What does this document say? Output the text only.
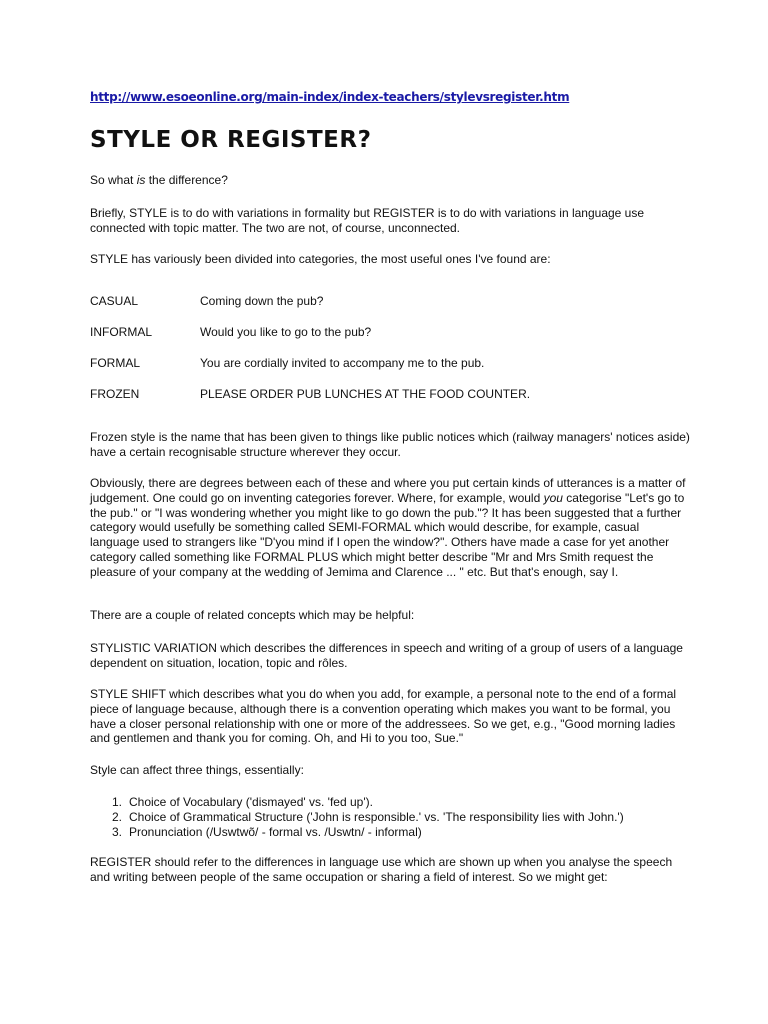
http://www.esoeonline.org/main-index/index-teachers/stylevsregister.htm
STYLE OR REGISTER?

So what is the difference?

Briefly, STYLE is to do with variations in formality but REGISTER is to do with variations in language use connected with topic matter. The two are not, of course, unconnected.

STYLE has variously been divided into categories, the most useful ones I've found are:

CASUAL	Coming down the pub?
INFORMAL	Would you like to go to the pub?
FORMAL	You are cordially invited to accompany me to the pub.
FROZEN	PLEASE ORDER PUB LUNCHES AT THE FOOD COUNTER.

Frozen style is the name that has been given to things like public notices which (railway managers' notices aside) have a certain recognisable structure wherever they occur.

Obviously, there are degrees between each of these and where you put certain kinds of utterances is a matter of judgement. One could go on inventing categories forever. Where, for example, would you categorise "Let's go to the pub." or "I was wondering whether you might like to go down the pub."? It has been suggested that a further category would usefully be something called SEMI-FORMAL which would describe, for example, casual language used to strangers like "D'you mind if I open the window?". Others have made a case for yet another category called something like FORMAL PLUS which might better describe "Mr and Mrs Smith request the pleasure of your company at the wedding of Jemima and Clarence ... " etc. But that's enough, say I.

There are a couple of related concepts which may be helpful:

STYLISTIC VARIATION which describes the differences in speech and writing of a group of users of a language dependent on situation, location, topic and rôles.

STYLE SHIFT which describes what you do when you add, for example, a personal note to the end of a formal piece of language because, although there is a convention operating which makes you want to be formal, you have a closer personal relationship with one or more of the addressees. So we get, e.g., "Good morning ladies and gentlemen and thank you for coming. Oh, and Hi to you too, Sue."

Style can affect three things, essentially:

1. Choice of Vocabulary ('dismayed' vs. 'fed up').
2. Choice of Grammatical Structure ('John is responsible.' vs. 'The responsibility lies with John.')
3. Pronunciation (/Uswtwõ/ - formal vs. /Uswtn/ - informal)

REGISTER should refer to the differences in language use which are shown up when you analyse the speech and writing between people of the same occupation or sharing a field of interest. So we might get:
